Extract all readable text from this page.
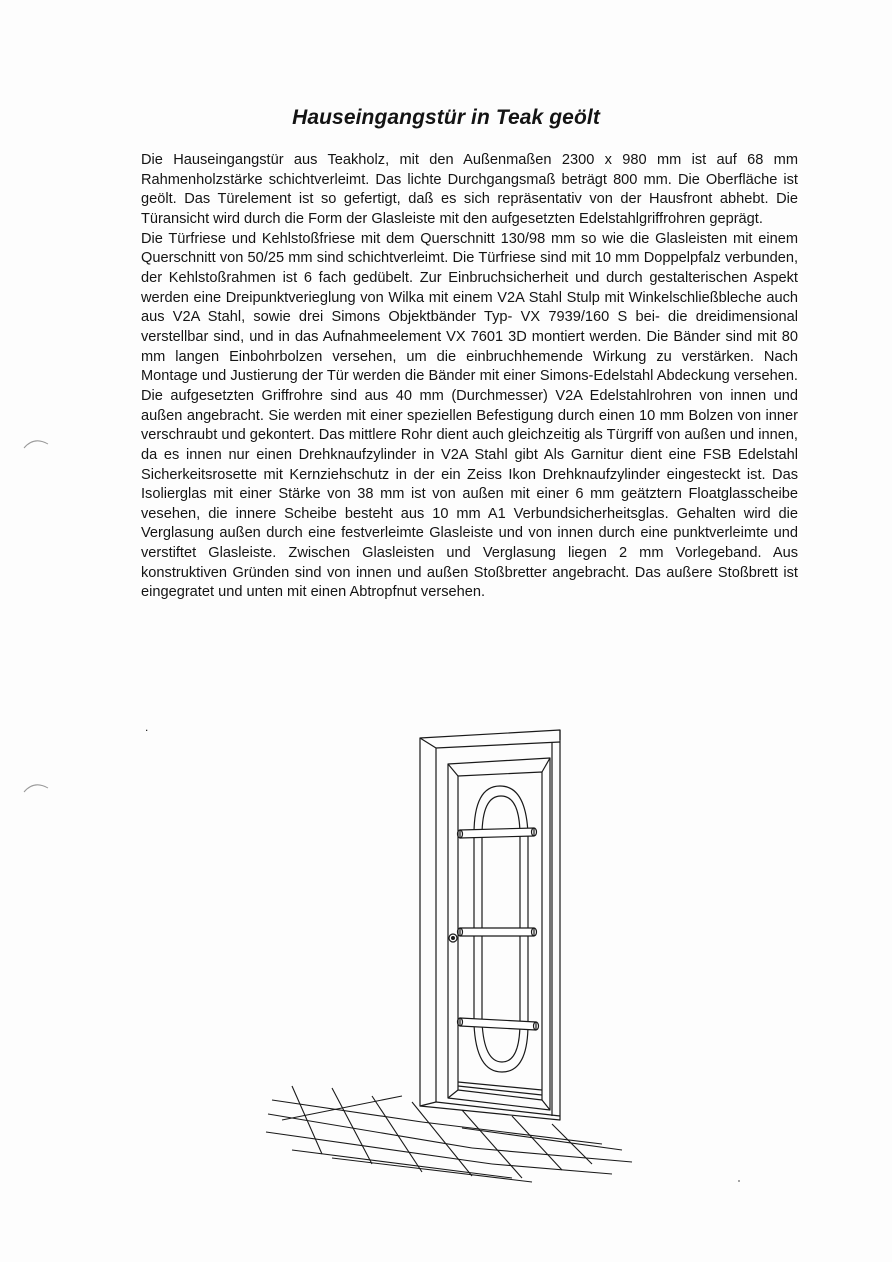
Hauseingangstür in Teak geölt

Die Hauseingangstür aus Teakholz, mit den Außenmaßen 2300 x 980 mm ist auf 68 mm Rahmenholzstärke schichtverleimt. Das lichte Durchgangsmaß beträgt 800 mm. Die Oberfläche ist geölt. Das Türelement ist so gefertigt, daß es sich repräsentativ von der Hausfront abhebt. Die Türansicht wird durch die Form der Glasleiste mit den aufgesetzten Edelstahlgriffrohren geprägt.

Die Türfriese und Kehlstoßfriese mit dem Querschnitt 130/98 mm so wie die Glasleisten mit einem Querschnitt von 50/25 mm sind schichtverleimt. Die Türfriese sind mit 10 mm Doppelpfalz verbunden, der Kehlstoßrahmen ist 6 fach gedübelt. Zur Einbruchsicherheit und durch gestalterischen Aspekt werden eine Dreipunktverieglung von Wilka mit einem V2A Stahl Stulp mit Winkelschließbleche auch aus V2A Stahl, sowie drei Simons Objektbänder Typ- VX 7939/160 S bei- die dreidimensional verstellbar sind, und in das Aufnahmeelement VX 7601 3D montiert werden. Die Bänder sind mit 80 mm langen Einbohrbolzen versehen, um die einbruchhemende Wirkung zu verstärken. Nach Montage und Justierung der Tür werden die Bänder mit einer Simons-Edelstahl Abdeckung versehen. Die aufgesetzten Griffrohre sind aus 40 mm (Durchmesser) V2A Edelstahlrohren von innen und außen angebracht. Sie werden mit einer speziellen Befestigung durch einen 10 mm Bolzen von inner verschraubt und gekontert. Das mittlere Rohr dient auch gleichzeitig als Türgriff von außen und innen, da es innen nur einen Drehknaufzylinder in V2A Stahl gibt Als Garnitur dient eine FSB Edelstahl Sicherkeitsrosette mit Kernziehschutz in der ein Zeiss Ikon Drehknaufzylinder eingesteckt ist. Das Isolierglas mit einer Stärke von 38 mm ist von außen mit einer 6 mm geätztern Floatglasscheibe vesehen, die innere Scheibe besteht aus 10 mm A1 Verbundsicherheitsglas. Gehalten wird die Verglasung außen durch eine festverleimte Glasleiste und von innen durch eine punktverleimte und verstiftet Glasleiste. Zwischen Glasleisten und Verglasung liegen 2 mm Vorlegeband. Aus konstruktiven Gründen sind von innen und außen Stoßbretter angebracht. Das außere Stoßbrett ist eingegratet und unten mit einen Abtropfnut versehen.

.
